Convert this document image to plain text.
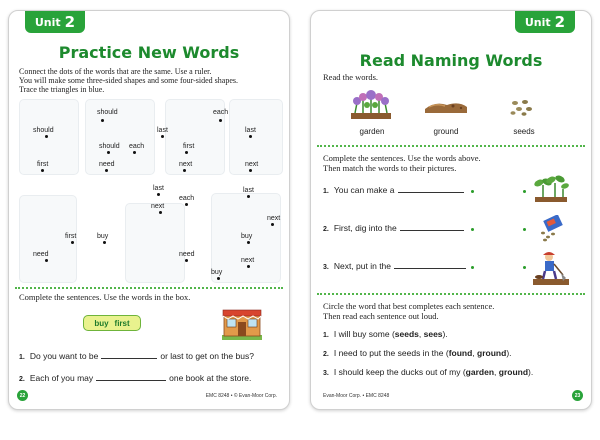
Unit 2
Practice New Words
Connect the dots of the words that are the same. Use a ruler.
You will make some three-sided shapes and some four-sided shapes.
Trace the triangles in blue.
should	each
should	last	last
should each	first
first	need	next	next
last
each
last
next
next
first	buy	buy
need	need
next
buy
Complete the sentences. Use the words in the box.
buy first
1. Do you want to be	or last to get on the bus?
2. Each of you may	one book at the store.
22	EMC 8248 • © Evan-Moor Corp.
Unit 2
Read Naming Words
Read the words.
garden	ground	seeds
Complete the sentences. Use the words above.
Then match the words to their pictures.
1. You can make a
2. First, dig into the
3. Next, put in the
Circle the word that best completes each sentence.
Then read each sentence out loud.
1. I will buy some ( seeds , sees ).
2. I need to put the seeds in the ( found , ground ).
3. I should keep the ducks out of my ( garden , ground ).
Evan-Moor Corp. • EMC 8248	23
